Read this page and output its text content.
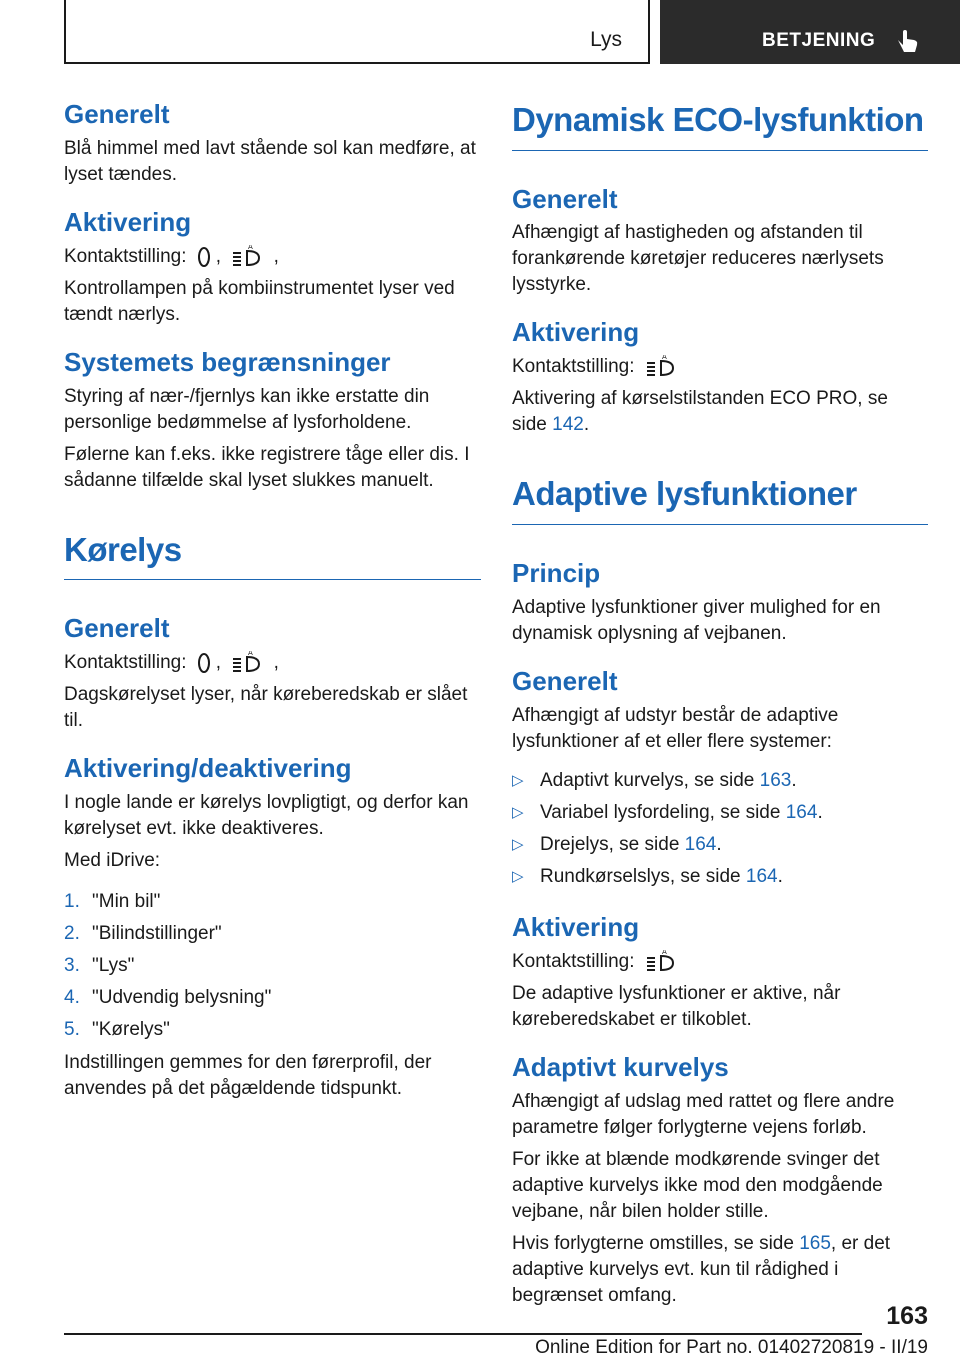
Lys	BETJENING
Generelt

Blå himmel med lavt stående sol kan medføre, at lyset tændes.

Aktivering

Kontaktstilling: ,	A ,

Kontrollampen på kombiinstrumentet lyser ved tændt nærlys.

Systemets begrænsninger

Styring af nær-/fjernlys kan ikke erstatte din personlige bedømmelse af lysforholdene.

Følerne kan f.eks. ikke registrere tåge eller dis. I sådanne tilfælde skal lyset slukkes manuelt.

Kørelys
Generelt

Kontaktstilling: ,	A ,

Dagskørelyset lyser, når kørеberedskab er slået til.

Aktivering/deaktivering

I nogle lande er kørelys lovpligtigt, og derfor kan kørelyset evt. ikke deaktiveres.

Med iDrive:

1. "Min bil"
2. "Bilindstillinger"
3. "Lys"
4. "Udvendig belysning"
5. "Kørelys"

Indstillingen gemmes for den førerprofil, der anvendes på det pågældende tidspunkt.

Dynamisk ECO-lysfunktion
Generelt

Afhængigt af hastigheden og afstanden til forankørende køretøjer reduceres nærlysets lysstyrke.

Aktivering

Kontaktstilling:	A

Aktivering af kørselstilstanden ECO PRO, se side 142.

Adaptive lysfunktioner
Princip

Adaptive lysfunktioner giver mulighed for en dynamisk oplysning af vejbanen.

Generelt

Afhængigt af udstyr består de adaptive lysfunktioner af et eller flere systemer:

▷ Adaptivt kurvelys, se side 163.
▷ Variabel lysfordeling, se side 164.
▷ Drejelys, se side 164.
▷ Rundkørselslys, se side 164.
Aktivering

Kontaktstilling:	A

De adaptive lysfunktioner er aktive, når kørеberedskabet er tilkoblet.

Adaptivt kurvelys

Afhængigt af udslag med rattet og flere andre parametre følger forlygterne vejens forløb.

For ikke at blænde modkørende svinger det adaptive kurvelys ikke mod den modgående vejbane, når bilen holder stille.

Hvis forlygterne omstilles, se side 165, er det adaptive kurvelys evt. kun til rådighed i begrænset omfang.

163
Online Edition for Part no. 01402720819 - II/19
